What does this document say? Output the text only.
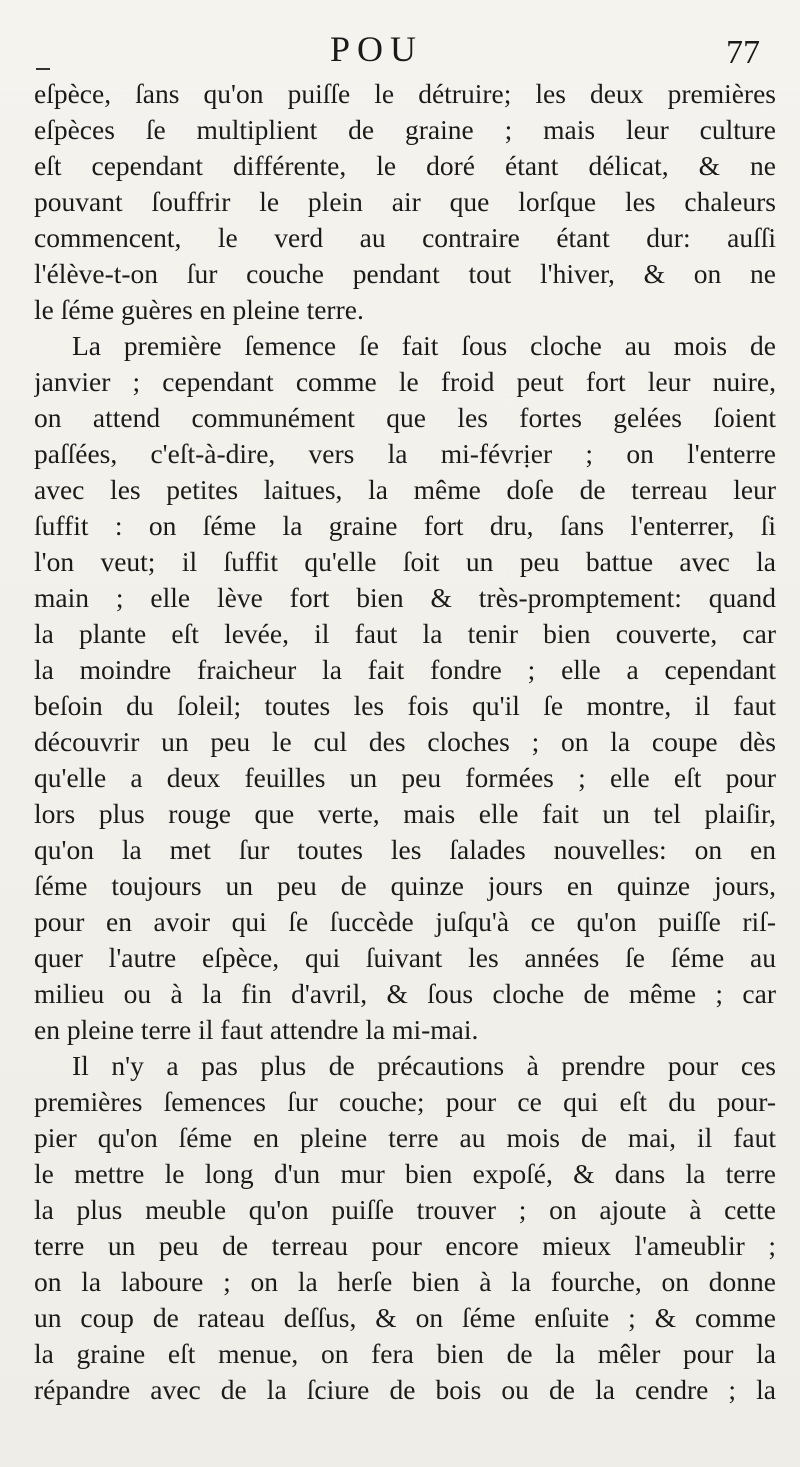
POU	77
eſpèce, ſans qu'on puiſſe le détruire; les deux premières
eſpèces ſe multiplient de graine ; mais leur culture
eſt cependant différente, le doré étant délicat, & ne
pouvant ſouffrir le plein air que lorſque les chaleurs
commencent, le verd au contraire étant dur: auſſi
l'élève-t-on ſur couche pendant tout l'hiver, & on ne
le ſéme guères en pleine terre.
La première ſemence ſe fait ſous cloche au mois de
janvier ; cependant comme le froid peut fort leur nuire,
on attend communément que les fortes gelées ſoient
paſſées, c'eſt-à-dire, vers la mi-févrịer ; on l'enterre
avec les petites laitues, la même doſe de terreau leur
ſuffit : on ſéme la graine fort dru, ſans l'enterrer, ſi
l'on veut; il ſuffit qu'elle ſoit un peu battue avec la
main ; elle lève fort bien & très-promptement: quand
la plante eſt levée, il faut la tenir bien couverte, car
la moindre fraicheur la fait fondre ; elle a cependant
beſoin du ſoleil; toutes les fois qu'il ſe montre, il faut
découvrir un peu le cul des cloches ; on la coupe dès
qu'elle a deux feuilles un peu formées ; elle eſt pour
lors plus rouge que verte, mais elle fait un tel plaiſir,
qu'on la met ſur toutes les ſalades nouvelles: on en
ſéme toujours un peu de quinze jours en quinze jours,
pour en avoir qui ſe ſuccède juſqu'à ce qu'on puiſſe riſ-
quer l'autre eſpèce, qui ſuivant les années ſe ſéme au
milieu ou à la fin d'avril, & ſous cloche de même ; car
en pleine terre il faut attendre la mi-mai.
Il n'y a pas plus de précautions à prendre pour ces
premières ſemences ſur couche; pour ce qui eſt du pour-
pier qu'on ſéme en pleine terre au mois de mai, il faut
le mettre le long d'un mur bien expoſé, & dans la terre
la plus meuble qu'on puiſſe trouver ; on ajoute à cette
terre un peu de terreau pour encore mieux l'ameublir ;
on la laboure ; on la herſe bien à la fourche, on donne
un coup de rateau deſſus, & on ſéme enſuite ; & comme
la graine eſt menue, on fera bien de la mêler pour la
répandre avec de la ſciure de bois ou de la cendre ; la
